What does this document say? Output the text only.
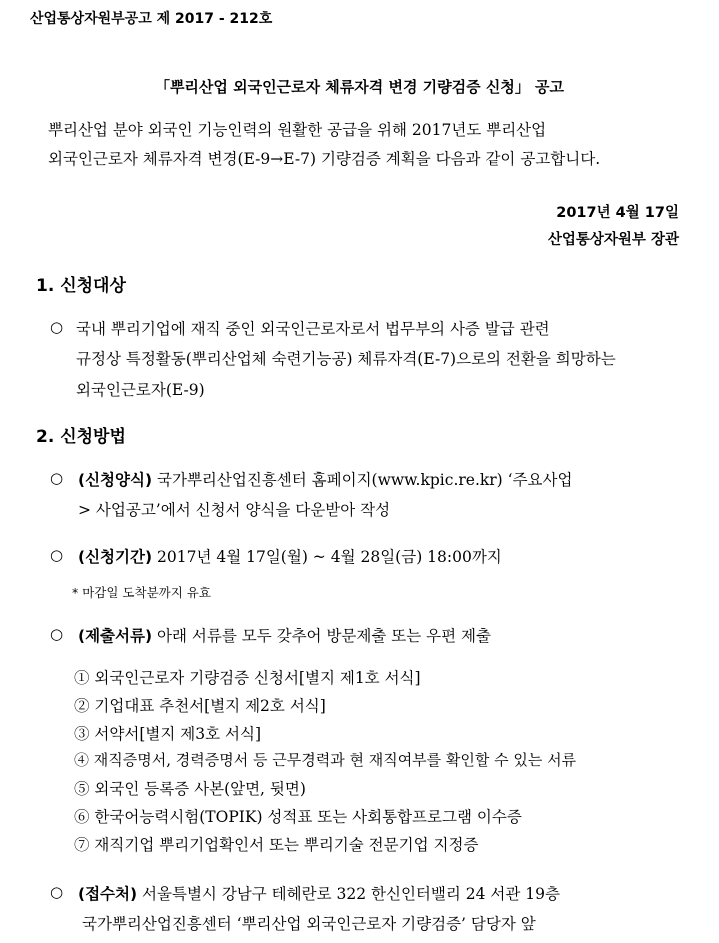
산업통상자원부공고 제 2017 - 212호
「뿌리산업 외국인근로자 체류자격 변경 기량검증 신청」 공고
뿌리산업 분야 외국인 기능인력의 원활한 공급을 위해 2017년도 뿌리산업
외국인근로자 체류자격 변경(E-9→E-7) 기량검증 계획을 다음과 같이 공고합니다.
2017년 4월 17일
산업통상자원부 장관
1. 신청대상
○ 국내 뿌리기업에 재직 중인 외국인근로자로서 법무부의 사증 발급 관련
규정상 특정활동(뿌리산업체 숙련기능공) 체류자격(E-7)으로의 전환을 희망하는
외국인근로자(E-9)
2. 신청방법
○ (신청양식) 국가뿌리산업진흥센터 홈페이지(www.kpic.re.kr) ‘주요사업
> 사업공고’에서 신청서 양식을 다운받아 작성
○ (신청기간) 2017년 4월 17일(월) ~ 4월 28일(금) 18:00까지
* 마감일 도착분까지 유효
○ (제출서류) 아래 서류를 모두 갖추어 방문제출 또는 우편 제출
① 외국인근로자 기량검증 신청서[별지 제1호 서식]
② 기업대표 추천서[별지 제2호 서식]
③ 서약서[별지 제3호 서식]
④ 재직증명서, 경력증명서 등 근무경력과 현 재직여부를 확인할 수 있는 서류
⑤ 외국인 등록증 사본(앞면, 뒷면)
⑥ 한국어능력시험(TOPIK) 성적표 또는 사회통합프로그램 이수증
⑦ 재직기업 뿌리기업확인서 또는 뿌리기술 전문기업 지정증
○ (접수처) 서울특별시 강남구 테헤란로 322 한신인터밸리 24 서관 19층
국가뿌리산업진흥센터 ‘뿌리산업 외국인근로자 기량검증’ 담당자 앞
